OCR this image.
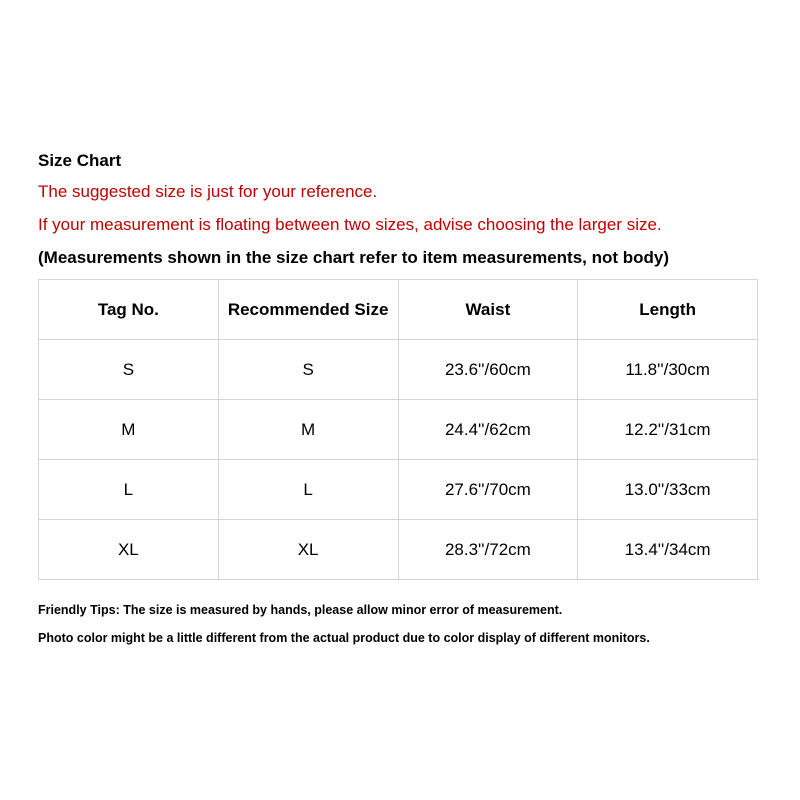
Size Chart
The suggested size is just for your reference.
If your measurement is floating between two sizes, advise choosing the larger size.
(Measurements shown in the size chart refer to item measurements, not body)
Tag No.	Recommended Size	Waist	Length
S	S	23.6''/60cm	11.8''/30cm
M	M	24.4''/62cm	12.2''/31cm
L	L	27.6''/70cm	13.0''/33cm
XL	XL	28.3''/72cm	13.4''/34cm

Friendly Tips: The size is measured by hands, please allow minor error of measurement.

Photo color might be a little different from the actual product due to color display of different monitors.
